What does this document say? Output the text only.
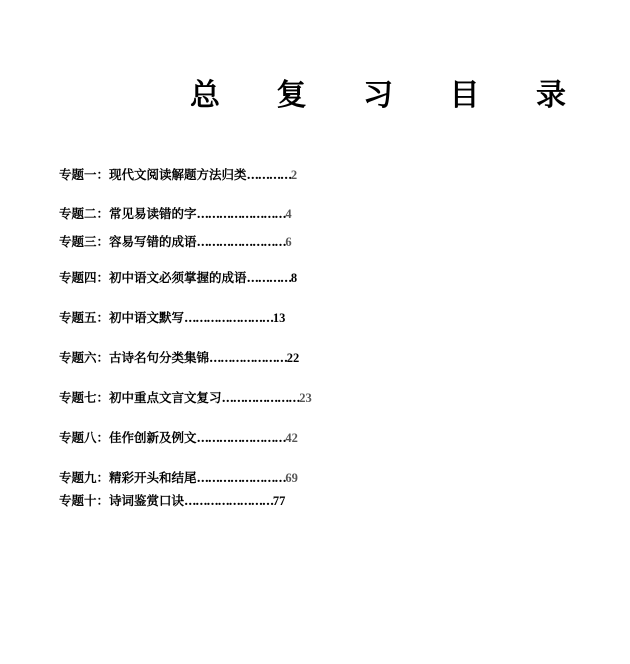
总 复 习 目 录
专题一：现代文阅读解题方法归类…………2
专题二：常见易读错的字……………………4
专题三：容易写错的成语……………………6
专题四：初中语文必须掌握的成语…………8
专题五：初中语文默写……………………13
专题六：古诗名句分类集锦…………………22
专题七：初中重点文言文复习…………………23
专题八：佳作创新及例文……………………42
专题九：精彩开头和结尾……………………69
专题十：诗词鉴赏口诀……………………77
